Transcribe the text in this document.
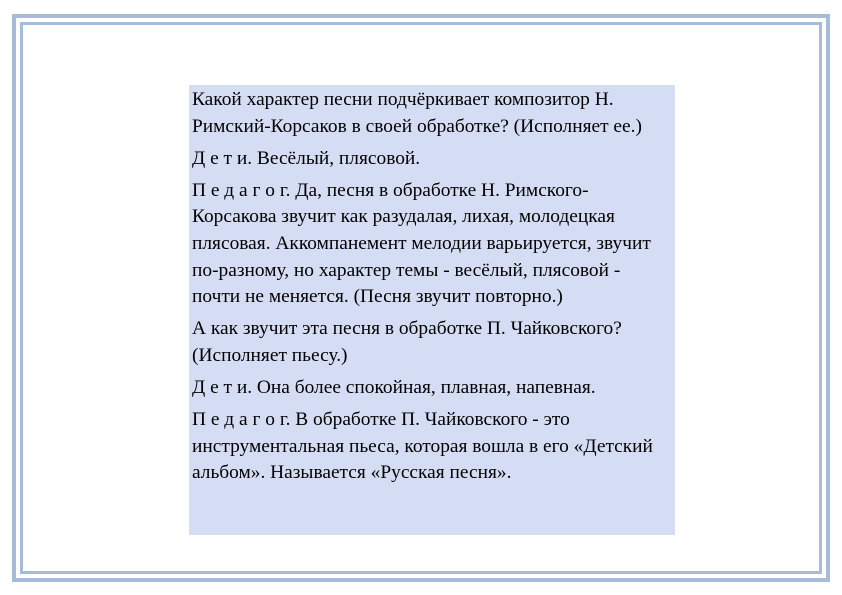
Какой характер песни подчёркивает композитор Н. Римский-Корсаков в своей обработке? (Исполняет ее.)

Д е т и. Весёлый, плясовой.

П е д а г о г. Да, песня в обработке Н. Римского-Корсакова звучит как разудалая, лихая, молодецкая плясовая. Аккомпанемент мелодии варьируется, звучит по-разному, но характер темы - весёлый, плясовой - почти не меняется. (Песня звучит повторно.)

А как звучит эта песня в обработке П. Чайковского? (Исполняет пьесу.)

Д е т и. Она более спокойная, плавная, напевная.

П е д а г о г. В обработке П. Чайковского - это инструментальная пьеса, которая вошла в его «Детский альбом». Называется «Русская песня».
